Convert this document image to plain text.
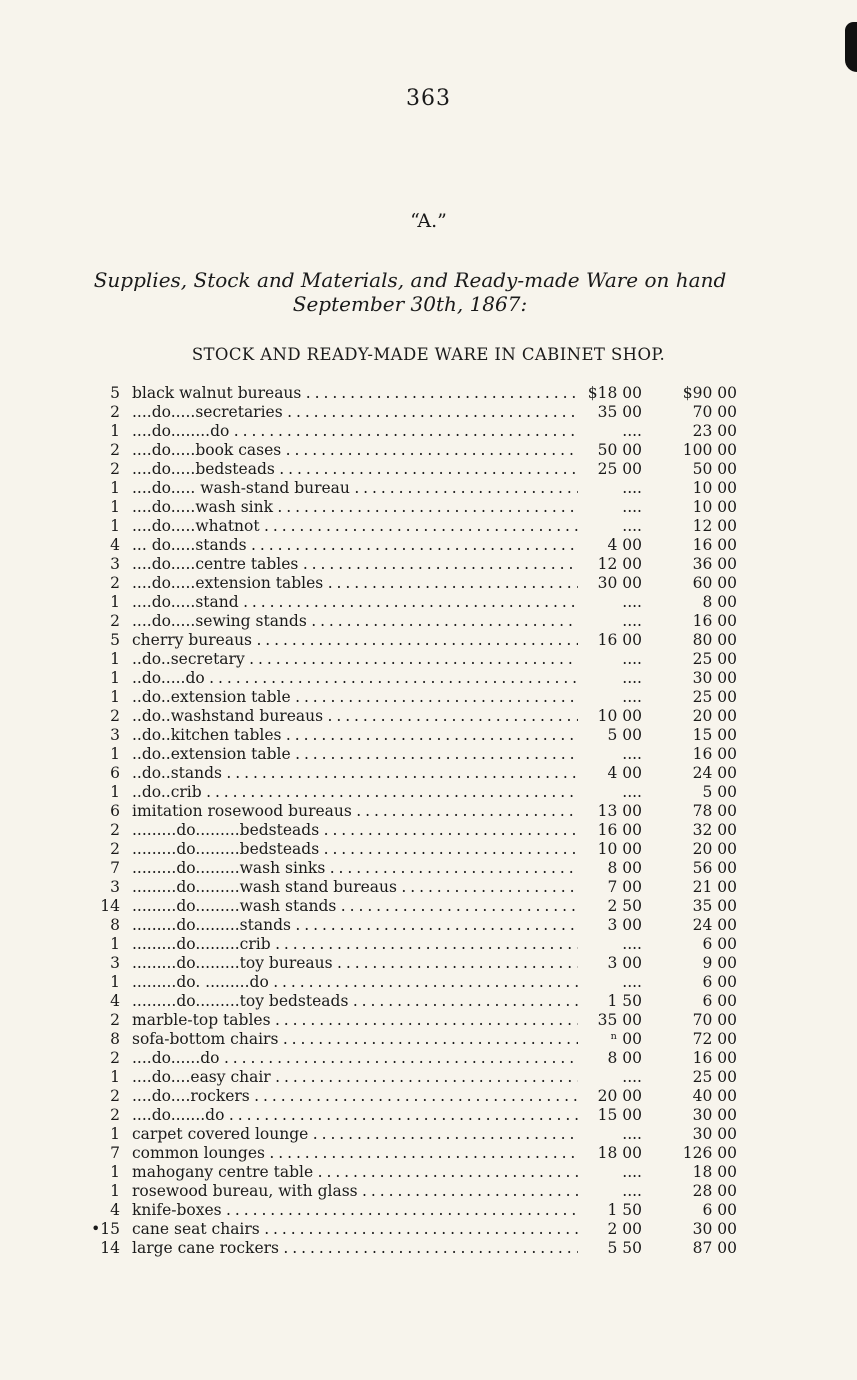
363
“A.”
Supplies, Stock and Materials, and Ready-made Ware on hand
September 30th, 1867:
STOCK AND READY-MADE WARE IN CABINET SHOP.
5 black walnut bureaus . . .	$18 00	$90 00
2 ....do.....secretaries . . .	35 00	70 00
1 ....do........do . . .	....	23 00
2 ....do.....book cases . . .	50 00	100 00
2 ....do.....bedsteads . . .	25 00	50 00
1 ....do..... wash-stand bureau . . .	....	10 00
1 ....do.....wash sink . . .	....	10 00
1 ....do.....whatnot . . .	....	12 00
4 ... do.....stands . . .	4 00	16 00
3 ....do.....centre tables . . .	12 00	36 00
2 ....do.....extension tables . . .	30 00	60 00
1 ....do.....stand . . .	....	8 00
2 ....do.....sewing stands . . .	....	16 00
5 cherry bureaus . . .	16 00	80 00
1 ..do..secretary . . .	....	25 00
1 ..do.....do . . .	....	30 00
1 ..do..extension table . . .	....	25 00
2 ..do..washstand bureaus . . .	10 00	20 00
3 ..do..kitchen tables . . .	5 00	15 00
1 ..do..extension table . . .	....	16 00
6 ..do..stands . . .	4 00	24 00
1 ..do..crib . . .	....	5 00
6 imitation rosewood bureaus . . .	13 00	78 00
2 .........do.........bedsteads . . .	16 00	32 00
2 .........do.........bedsteads . . .	10 00	20 00
7 .........do.........wash sinks . . .	8 00	56 00
3 .........do.........wash stand bureaus . . .	7 00	21 00
14 .........do.........wash stands . . .	2 50	35 00
8 .........do.........stands . . .	3 00	24 00
1 .........do.........crib . . .	....	6 00
3 .........do.........toy bureaus . . .	3 00	9 00
1 .........do. .........do . . .	....	6 00
4 .........do.........toy bedsteads . . .	1 50	6 00
2 marble-top tables . . .	35 00	70 00
8 sofa-bottom chairs . . .	ⁿ 00	72 00
2 ....do......do . . .	8 00	16 00
1 ....do....easy chair . . .	....	25 00
2 ....do....rockers . . .	20 00	40 00
2 ....do.......do . . .	15 00	30 00
1 carpet covered lounge . . .	....	30 00
7 common lounges . . .	18 00	126 00
1 mahogany centre table . . .	....	18 00
1 rosewood bureau, with glass . . .	....	28 00
4 knife-boxes . . .	1 50	6 00
•15 cane seat chairs . . .	2 00	30 00
14 large cane rockers . . .	5 50	87 00
